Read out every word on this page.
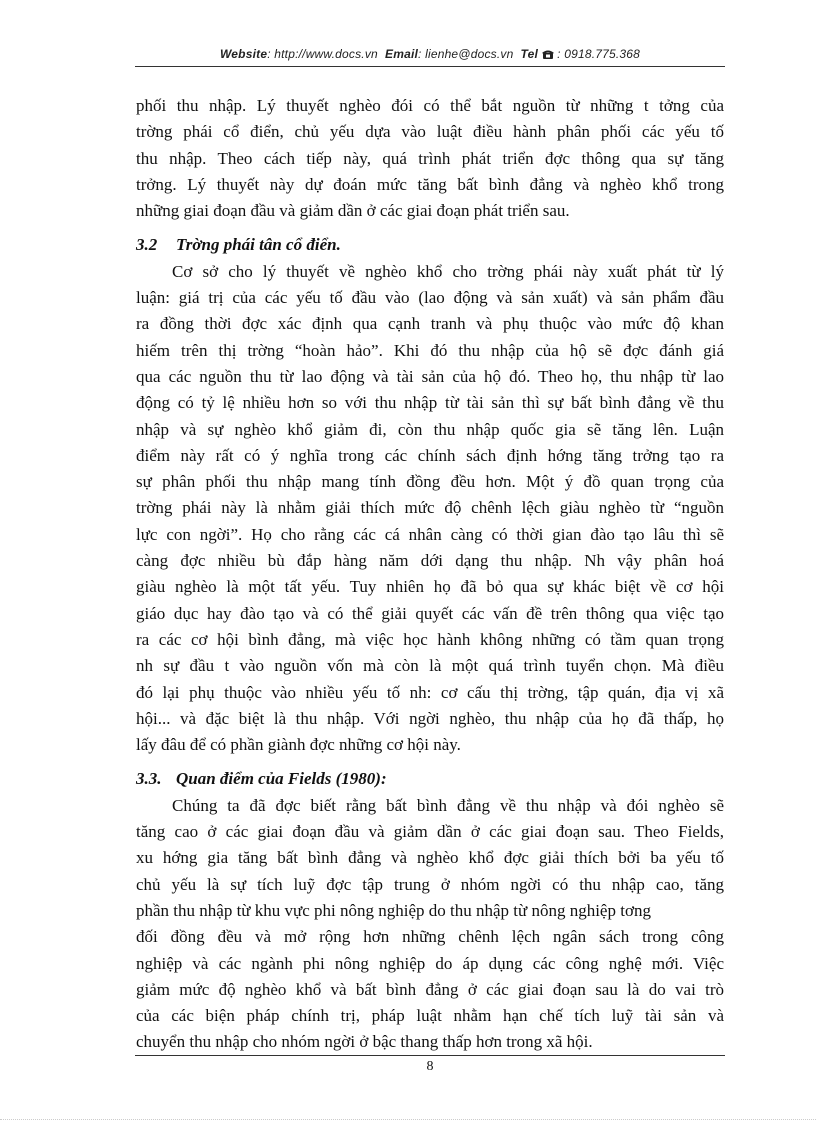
Website: http://www.docs.vn Email: lienhe@docs.vn Tel : 0918.775.368
phối thu nhập. Lý thuyết nghèo đói có thể bắt nguồn từ những t tởng của
trờng phái cổ điển, chủ yếu dựa vào luật điều hành phân phối các yếu tố
thu nhập. Theo cách tiếp này, quá trình phát triển đợc thông qua sự tăng
trởng. Lý thuyết này dự đoán mức tăng bất bình đẳng và nghèo khổ trong
những giai đoạn đầu và giảm dần ở các giai đoạn phát triển sau.
3.2 Trờng phái tân cổ điển.
Cơ sở cho lý thuyết về nghèo khổ cho trờng phái này xuất phát từ lý
luận: giá trị của các yếu tố đầu vào (lao động và sản xuất) và sản phẩm đầu
ra đồng thời đợc xác định qua cạnh tranh và phụ thuộc vào mức độ khan
hiếm trên thị trờng “hoàn hảo”. Khi đó thu nhập của hộ sẽ đợc đánh giá
qua các nguồn thu từ lao động và tài sản của hộ đó. Theo họ, thu nhập từ lao
động có tỷ lệ nhiều hơn so với thu nhập từ tài sản thì sự bất bình đẳng về thu
nhập và sự nghèo khổ giảm đi, còn thu nhập quốc gia sẽ tăng lên. Luận
điểm này rất có ý nghĩa trong các chính sách định hớng tăng trởng tạo ra
sự phân phối thu nhập mang tính đồng đều hơn. Một ý đồ quan trọng của
trờng phái này là nhằm giải thích mức độ chênh lệch giàu nghèo từ “nguồn
lực con ngời”. Họ cho rằng các cá nhân càng có thời gian đào tạo lâu thì sẽ
càng đợc nhiều bù đắp hàng năm dới dạng thu nhập. Nh vậy phân hoá
giàu nghèo là một tất yếu. Tuy nhiên họ đã bỏ qua sự khác biệt về cơ hội
giáo dục hay đào tạo và có thể giải quyết các vấn đề trên thông qua việc tạo
ra các cơ hội bình đẳng, mà việc học hành không những có tầm quan trọng
nh sự đầu t vào nguồn vốn mà còn là một quá trình tuyển chọn. Mà điều
đó lại phụ thuộc vào nhiều yếu tố nh: cơ cấu thị trờng, tập quán, địa vị xã
hội... và đặc biệt là thu nhập. Với ngời nghèo, thu nhập của họ đã thấp, họ
lấy đâu để có phần giành đợc những cơ hội này.
3.3. Quan điểm của Fields (1980):
Chúng ta đã đợc biết rằng bất bình đẳng về thu nhập và đói nghèo sẽ
tăng cao ở các giai đoạn đầu và giảm dần ở các giai đoạn sau. Theo Fields,
xu hớng gia tăng bất bình đẳng và nghèo khổ đợc giải thích bởi ba yếu tố
chủ yếu là sự tích luỹ đợc tập trung ở nhóm ngời có thu nhập cao, tăng
phần thu nhập từ khu vực phi nông nghiệp do thu nhập từ nông nghiệp tơng
đối đồng đều và mở rộng hơn những chênh lệch ngân sách trong công
nghiệp và các ngành phi nông nghiệp do áp dụng các công nghệ mới. Việc
giảm mức độ nghèo khổ và bất bình đẳng ở các giai đoạn sau là do vai trò
của các biện pháp chính trị, pháp luật nhằm hạn chế tích luỹ tài sản và
chuyển thu nhập cho nhóm ngời ở bậc thang thấp hơn trong xã hội.
8
